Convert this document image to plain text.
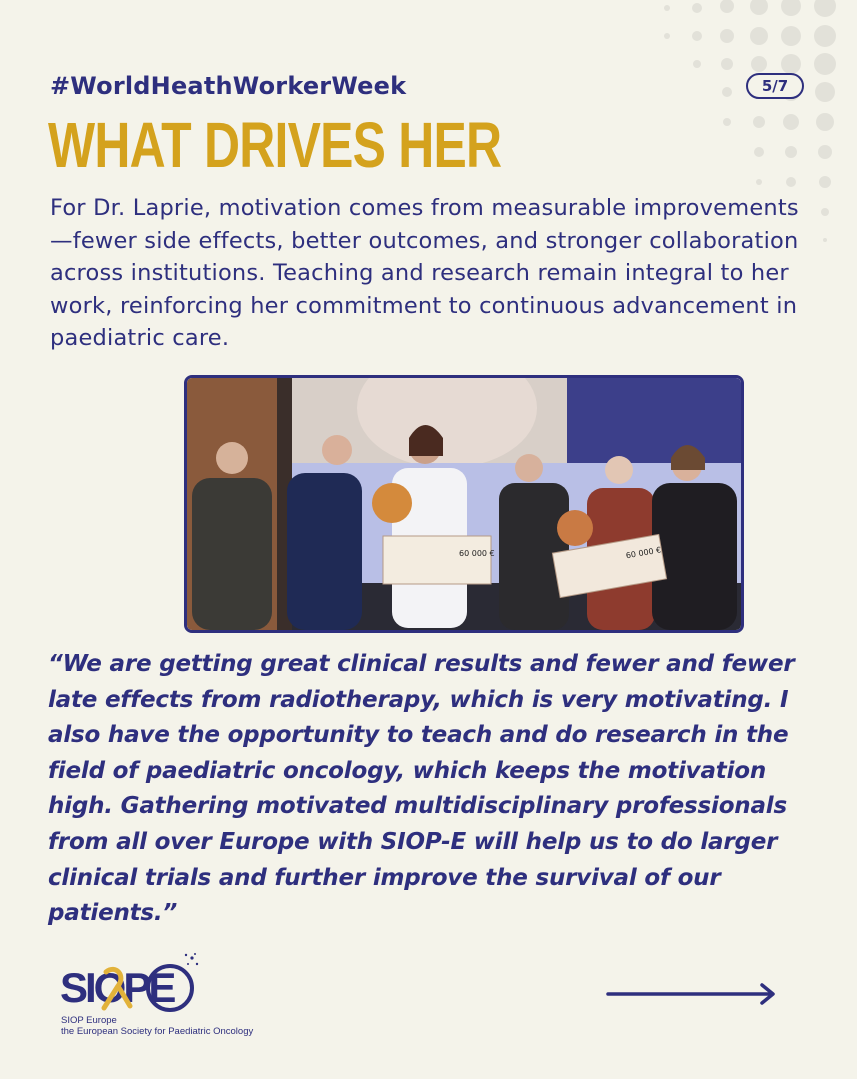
#WorldHeathWorkerWeek	5/7
WHAT DRIVES HER
For Dr. Laprie, motivation comes from measurable improvements—fewer side effects, better outcomes, and stronger collaboration across institutions. Teaching and research remain integral to her work, reinforcing her commitment to continuous advancement in paediatric care.
60 000 €	60 000 €
“We are getting great clinical results and fewer and fewer late effects from radiotherapy, which is very motivating. I also have the opportunity to teach and do research in the field of paediatric oncology, which keeps the motivation high. Gathering motivated multidisciplinary professionals from all over Europe with SIOP-E will help us to do larger clinical trials and further improve the survival of our patients.”
SIOPE
SIOP Europe
the European Society for Paediatric Oncology
